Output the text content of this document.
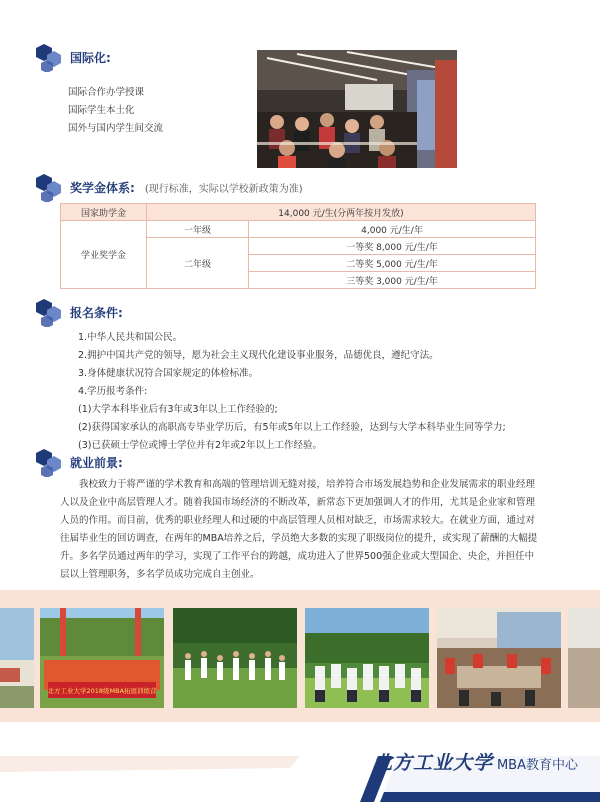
国际化:
国际合作办学授课
国际学生本土化
国外与国内学生间交流
奖学金体系: (现行标准，实际以学校新政策为准)
国家助学金	14,000 元/生(分两年按月发放)	
学业奖学金	一年级	4,000 元/生/年
	二年级	一等奖 8,000 元/生/年
		二等奖 5,000 元/生/年
		三等奖 3,000 元/生/年
报名条件:
1.中华人民共和国公民。
2.拥护中国共产党的领导，愿为社会主义现代化建设事业服务，品德优良，遵纪守法。
3.身体健康状况符合国家规定的体检标准。
4.学历报考条件:
(1)大学本科毕业后有3年或3年以上工作经验的;
(2)获得国家承认的高职高专毕业学历后，有5年或5年以上工作经验，达到与大学本科毕业生同等学力;
(3)已获硕士学位或博士学位并有2年或2年以上工作经验。
就业前景:
我校致力于将严谨的学术教育和高端的管理培训无缝对接，培养符合市场发展趋势和企业发展需求的职业经理人以及企业中高层管理人才。随着我国市场经济的不断改革，新常态下更加强调人才的作用，尤其是企业家和管理人员的作用。而目前，优秀的职业经理人和过硬的中高层管理人员相对缺乏，市场需求较大。在就业方面，通过对往届毕业生的回访调查，在两年的MBA培养之后，学员绝大多数的实现了职级岗位的提升，或实现了薪酬的大幅提升。多名学员通过两年的学习，实现了工作平台的跨越，成功进入了世界500强企业或大型国企、央企，并担任中层以上管理职务，多名学员成功完成自主创业。
北方工业大学2018级MBA拓展训练营
北方工业大学 MBA教育中心
